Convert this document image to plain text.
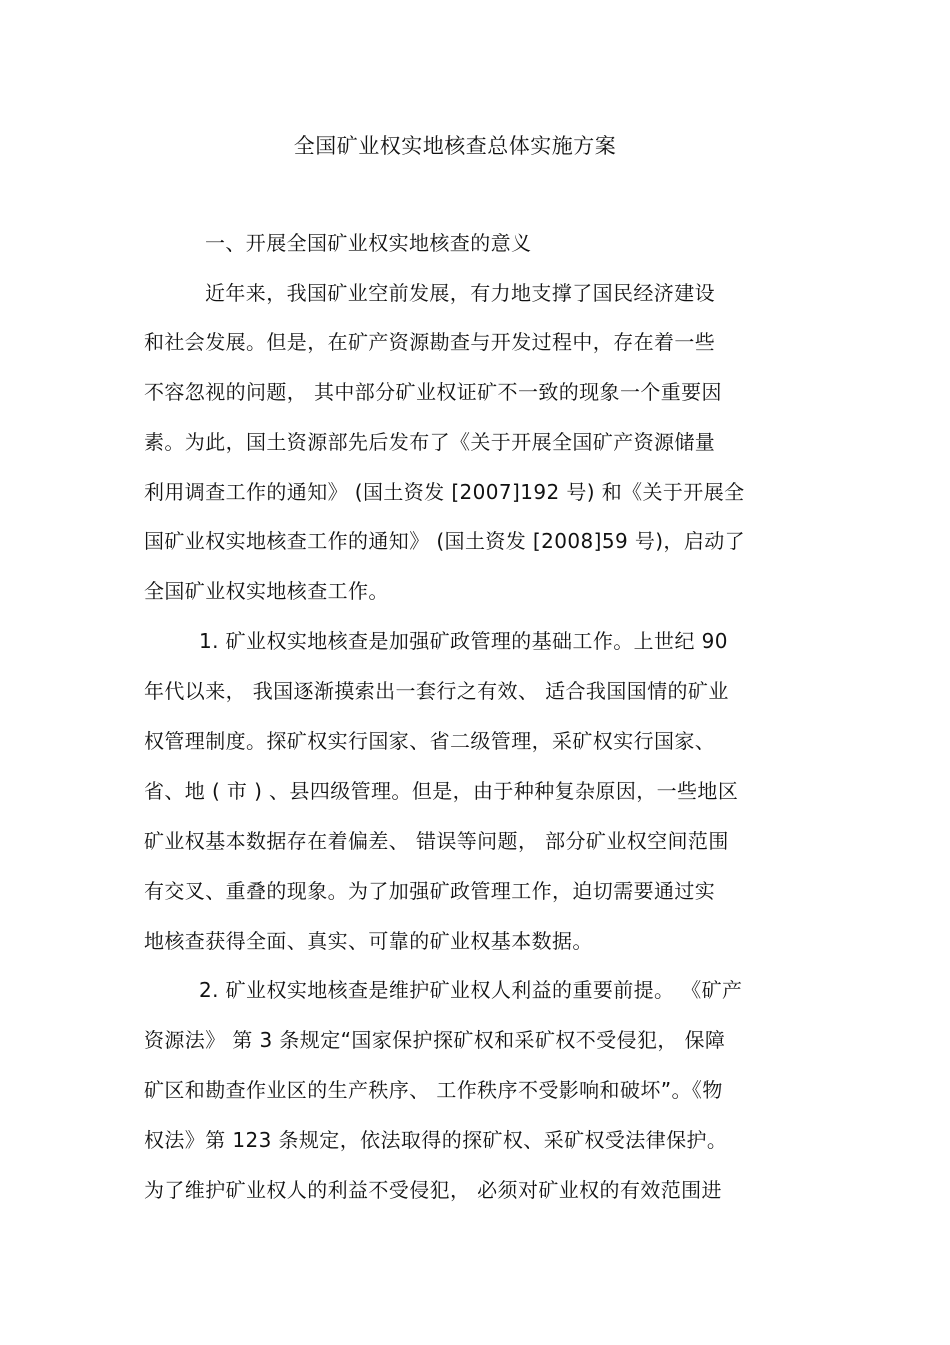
全国矿业权实地核查总体实施方案
一、开展全国矿业权实地核查的意义
近年来，我国矿业空前发展，有力地支撑了国民经济建设
和社会发展。但是，在矿产资源勘查与开发过程中，存在着一些
不容忽视的问题， 其中部分矿业权证矿不一致的现象一个重要因
素。为此，国土资源部先后发布了《关于开展全国矿产资源储量
利用调查工作的通知》 (国土资发 [2007]192 号) 和《关于开展全
国矿业权实地核查工作的通知》 (国土资发 [2008]59 号)，启动了
全国矿业权实地核查工作。
1. 矿业权实地核查是加强矿政管理的基础工作。上世纪 90
年代以来， 我国逐渐摸索出一套行之有效、 适合我国国情的矿业
权管理制度。探矿权实行国家、省二级管理，采矿权实行国家、
省、地 ( 市 ) 、县四级管理。但是，由于种种复杂原因，一些地区
矿业权基本数据存在着偏差、 错误等问题， 部分矿业权空间范围
有交叉、重叠的现象。为了加强矿政管理工作，迫切需要通过实
地核查获得全面、真实、可靠的矿业权基本数据。
2. 矿业权实地核查是维护矿业权人利益的重要前提。 《矿产
资源法》 第 3 条规定“国家保护探矿权和采矿权不受侵犯， 保障
矿区和勘查作业区的生产秩序、 工作秩序不受影响和破坏”。《物
权法》第 123 条规定，依法取得的探矿权、采矿权受法律保护。
为了维护矿业权人的利益不受侵犯， 必须对矿业权的有效范围进
